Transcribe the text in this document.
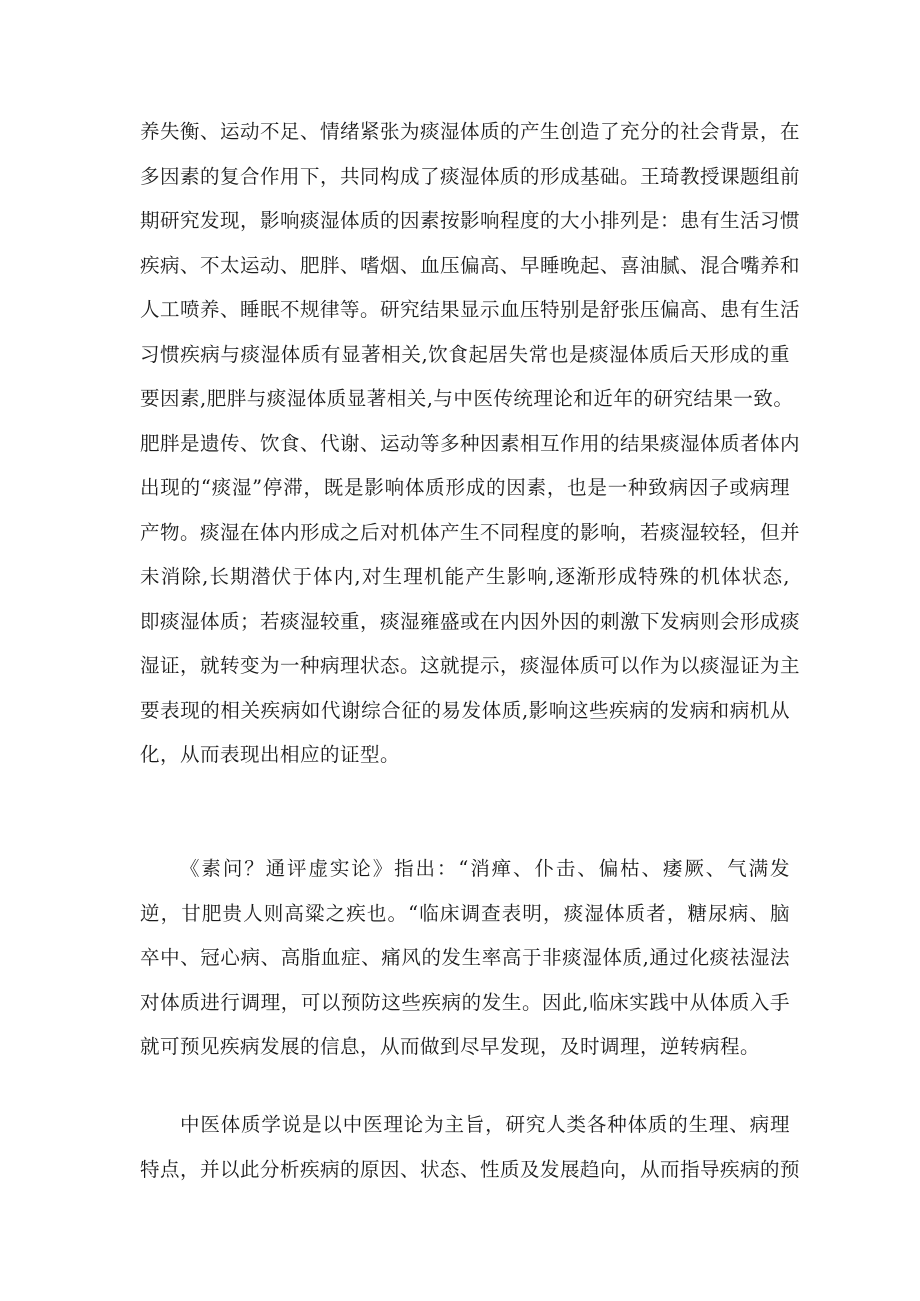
养失衡、运动不足、情绪紧张为痰湿体质的产生创造了充分的社会背景，在
多因素的复合作用下，共同构成了痰湿体质的形成基础。王琦教授课题组前
期研究发现，影响痰湿体质的因素按影响程度的大小排列是：患有生活习惯
疾病、不太运动、肥胖、嗜烟、血压偏高、早睡晚起、喜油腻、混合嘴养和
人工喷养、睡眠不规律等。研究结果显示血压特别是舒张压偏高、患有生活
习惯疾病与痰湿体质有显著相关,饮食起居失常也是痰湿体质后天形成的重
要因素,肥胖与痰湿体质显著相关,与中医传统理论和近年的研究结果一致。
肥胖是遗传、饮食、代谢、运动等多种因素相互作用的结果痰湿体质者体内
出现的“痰湿”停滞，既是影响体质形成的因素，也是一种致病因子或病理
产物。痰湿在体内形成之后对机体产生不同程度的影响，若痰湿较轻，但并
未消除,长期潜伏于体内,对生理机能产生影响,逐渐形成特殊的机体状态,
即痰湿体质；若痰湿较重，痰湿雍盛或在内因外因的刺激下发病则会形成痰
湿证，就转变为一种病理状态。这就提示，痰湿体质可以作为以痰湿证为主
要表现的相关疾病如代谢综合征的易发体质,影响这些疾病的发病和病机从
化，从而表现出相应的证型。
《素问？通评虚实论》指出：“消瘅、仆击、偏枯、痿厥、气满发
逆，甘肥贵人则高粱之疾也。“临床调查表明，痰湿体质者，糖尿病、脑
卒中、冠心病、高脂血症、痛风的发生率高于非痰湿体质,通过化痰祛湿法
对体质进行调理，可以预防这些疾病的发生。因此,临床实践中从体质入手
就可预见疾病发展的信息，从而做到尽早发现，及时调理，逆转病程。
中医体质学说是以中医理论为主旨，研究人类各种体质的生理、病理
特点，并以此分析疾病的原因、状态、性质及发展趋向，从而指导疾病的预
